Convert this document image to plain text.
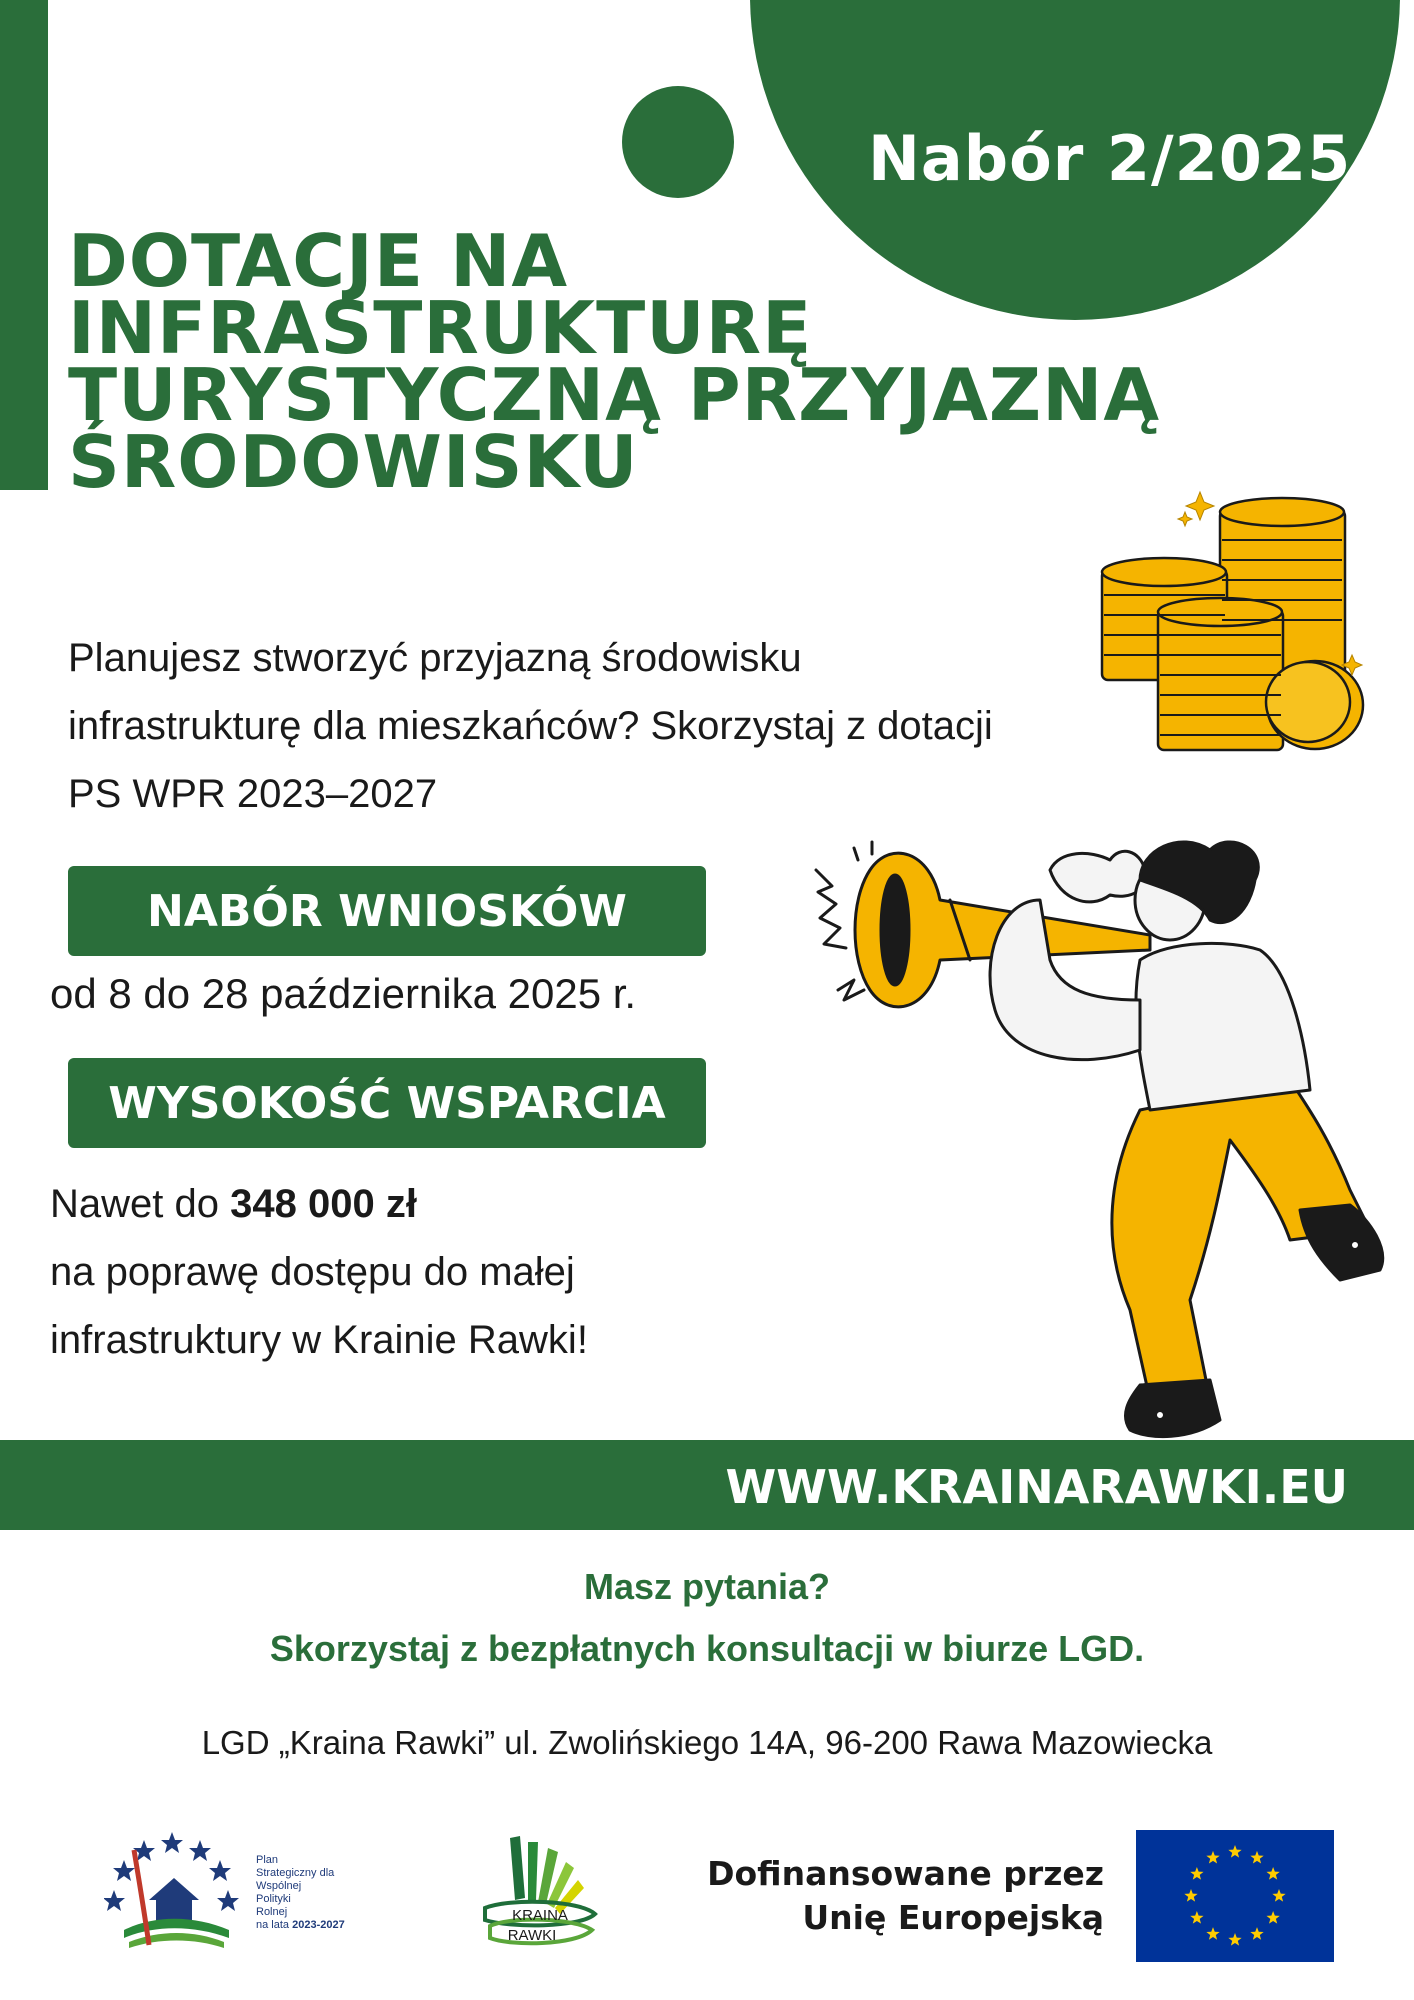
Nabór 2/2025
DOTACJE NA
INFRASTRUKTURĘ
TURYSTYCZNĄ PRZYJAZNĄ
ŚRODOWISKU
Planujesz stworzyć przyjazną środowisku
infrastrukturę dla mieszkańców? Skorzystaj z dotacji
PS WPR 2023–2027
NABÓR WNIOSKÓW
od 8 do 28 października 2025 r.
WYSOKOŚĆ WSPARCIA
Nawet do 348 000 zł
na poprawę dostępu do małej
infrastruktury w Krainie Rawki!
WWW.KRAINARAWKI.EU
Masz pytania?
Skorzystaj z bezpłatnych konsultacji w biurze LGD.
LGD „Kraina Rawki” ul. Zwolińskiego 14A, 96-200 Rawa Mazowiecka
Plan
Strategiczny dla
Wspólnej
Polityki
Rolnej
na lata 2023-2027
KRAINA
RAWKI
Dofinansowane przez
Unię Europejską
